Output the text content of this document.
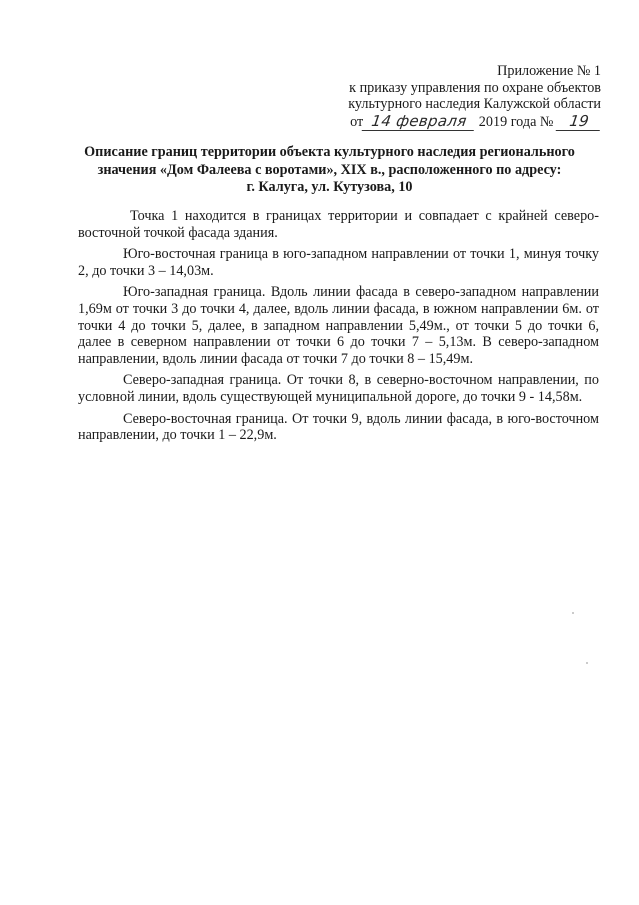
Приложение № 1
к приказу управления по охране объектов
культурного наследия Калужской области
от 14 февраля 2019 года № 19
Описание границ территории объекта культурного наследия регионального
значения «Дом Фалеева с воротами», XIX в., расположенного по адресу:
г. Калуга, ул. Кутузова, 10

Точка 1 находится в границах территории и совпадает с крайней северо-восточной точкой фасада здания.

Юго-восточная граница в юго-западном направлении от точки 1, минуя точку 2, до точки 3 – 14,03м.

Юго-западная граница. Вдоль линии фасада в северо-западном направлении 1,69м от точки 3 до точки 4, далее, вдоль линии фасада, в южном направлении 6м. от точки 4 до точки 5, далее, в западном направлении 5,49м., от точки 5 до точки 6, далее в северном направлении от точки 6 до точки 7 – 5,13м. В северо-западном направлении, вдоль линии фасада от точки 7 до точки 8 – 15,49м.

Северо-западная граница. От точки 8, в северно-восточном направлении, по условной линии, вдоль существующей муниципальной дороге, до точки 9 - 14,58м.

Северо-восточная граница. От точки 9, вдоль линии фасада, в юго-восточном направлении, до точки 1 – 22,9м.
